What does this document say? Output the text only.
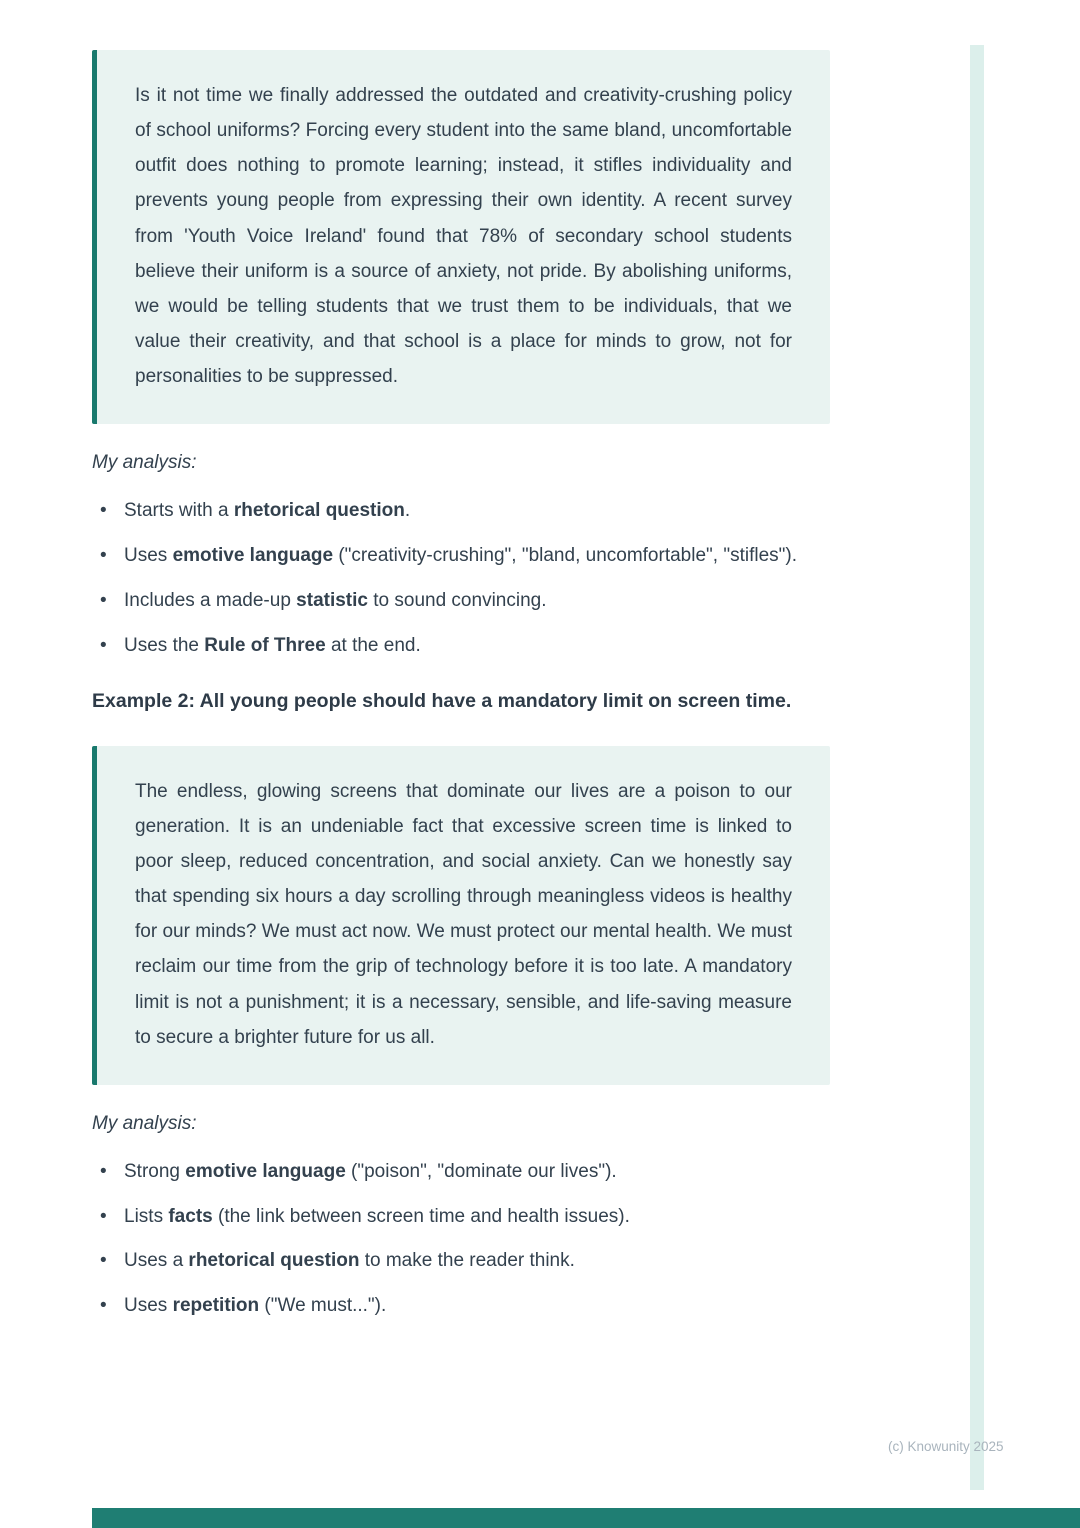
Is it not time we finally addressed the outdated and creativity-crushing policy of school uniforms? Forcing every student into the same bland, uncomfortable outfit does nothing to promote learning; instead, it stifles individuality and prevents young people from expressing their own identity. A recent survey from 'Youth Voice Ireland' found that 78% of secondary school students believe their uniform is a source of anxiety, not pride. By abolishing uniforms, we would be telling students that we trust them to be individuals, that we value their creativity, and that school is a place for minds to grow, not for personalities to be suppressed.

My analysis:

• Starts with a rhetorical question.
• Uses emotive language ("creativity-crushing", "bland, uncomfortable", "stifles").
• Includes a made-up statistic to sound convincing.
• Uses the Rule of Three at the end.
Example 2: All young people should have a mandatory limit on screen time.

The endless, glowing screens that dominate our lives are a poison to our generation. It is an undeniable fact that excessive screen time is linked to poor sleep, reduced concentration, and social anxiety. Can we honestly say that spending six hours a day scrolling through meaningless videos is healthy for our minds? We must act now. We must protect our mental health. We must reclaim our time from the grip of technology before it is too late. A mandatory limit is not a punishment; it is a necessary, sensible, and life-saving measure to secure a brighter future for us all.

My analysis:

• Strong emotive language ("poison", "dominate our lives").
• Lists facts (the link between screen time and health issues).
• Uses a rhetorical question to make the reader think.
• Uses repetition ("We must...").
(c) Knowunity 2025
